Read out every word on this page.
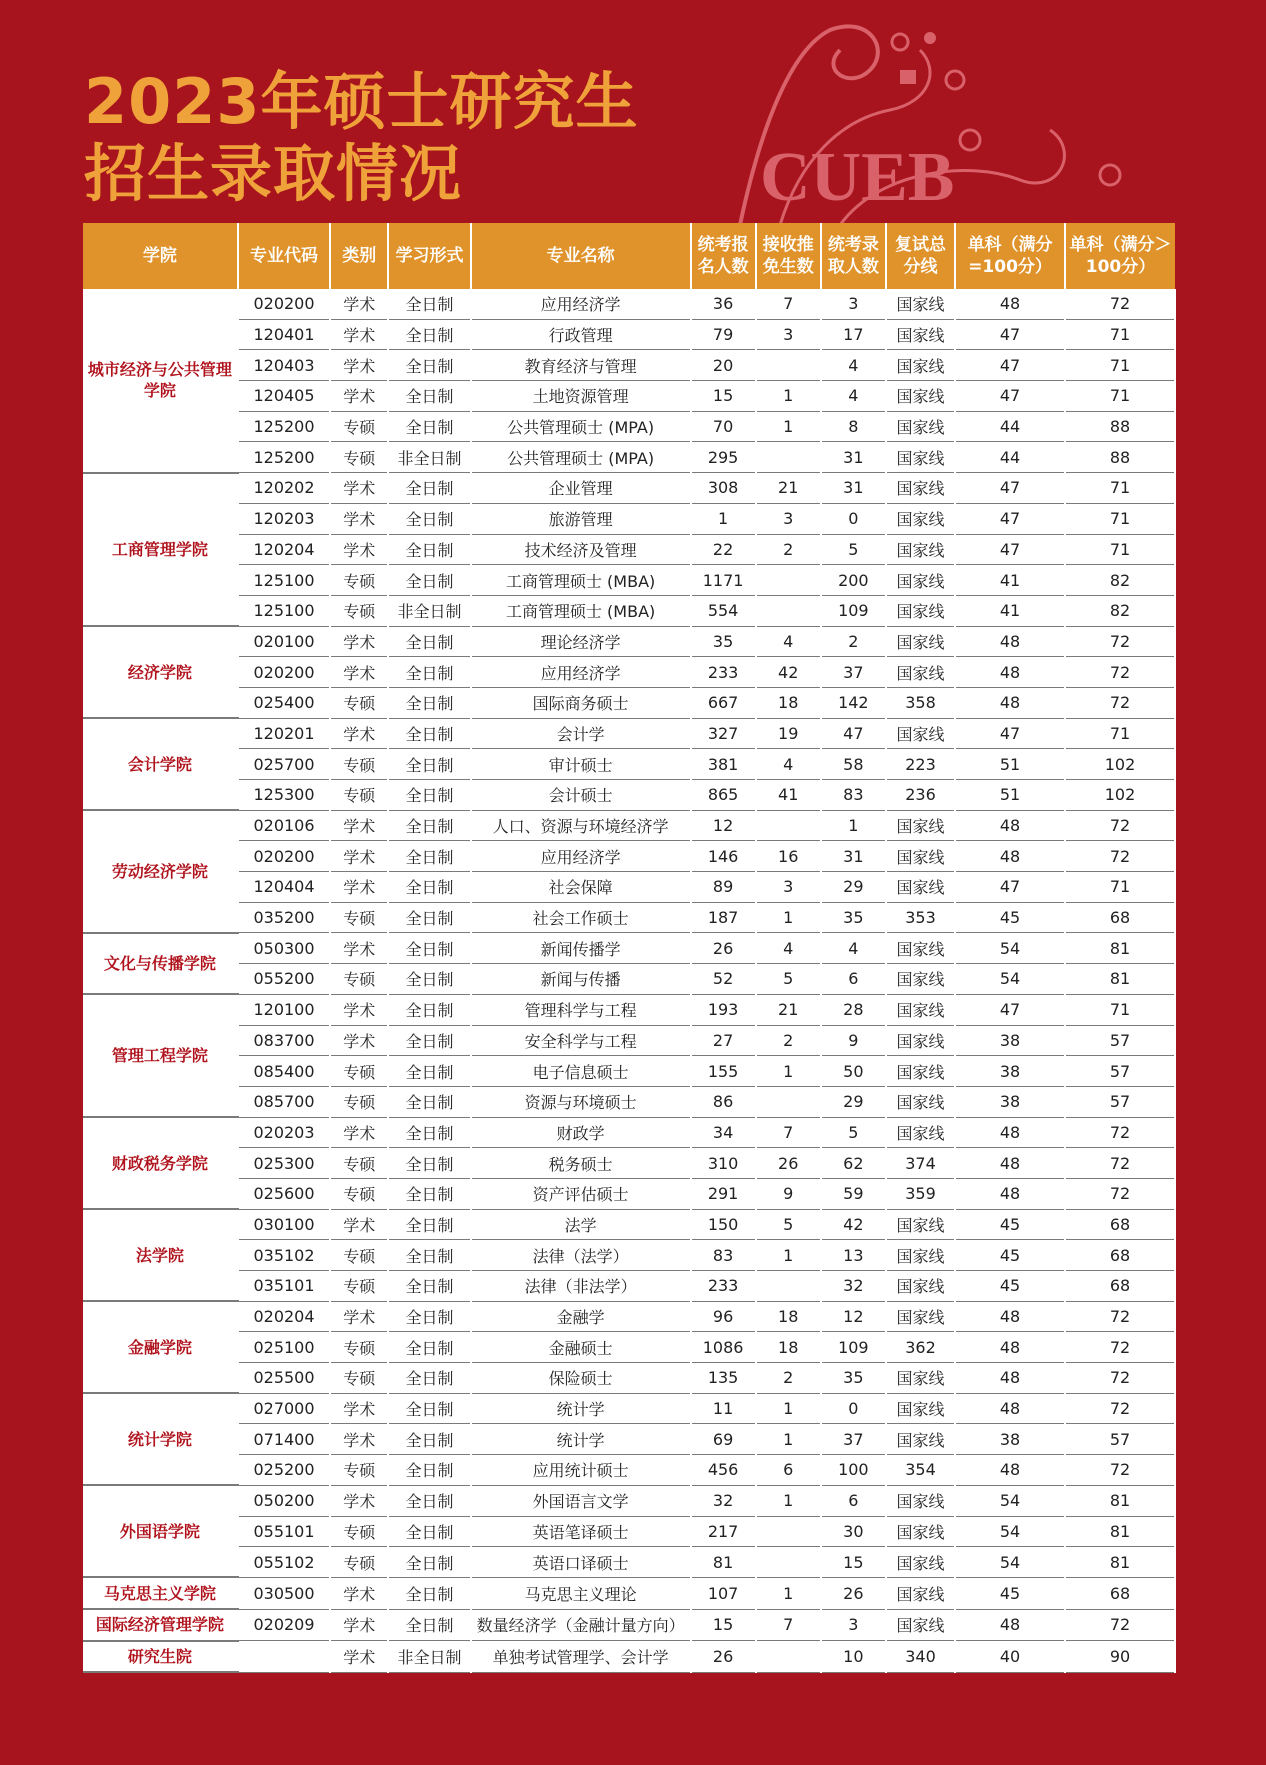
2023年硕士研究生
招生录取情况	CUEB
学院	专业代码	类别	学习形式	专业名称	统考报名人数	接收推免生数	统考录取人数	复试总分线	单科（满分=100分）	单科（满分＞100分）
城市经济与公共管理学院	020200	学术	全日制	应用经济学	36	7	3	国家线	48	72
	120401	学术	全日制	行政管理	79	3	17	国家线	47	71
	120403	学术	全日制	教育经济与管理	20		4	国家线	47	71
	120405	学术	全日制	土地资源管理	15	1	4	国家线	47	71
	125200	专硕	全日制	公共管理硕士 (MPA)	70	1	8	国家线	44	88
	125200	专硕	非全日制	公共管理硕士 (MPA)	295		31	国家线	44	88
工商管理学院	120202	学术	全日制	企业管理	308	21	31	国家线	47	71
	120203	学术	全日制	旅游管理	1	3	0	国家线	47	71
	120204	学术	全日制	技术经济及管理	22	2	5	国家线	47	71
	125100	专硕	全日制	工商管理硕士 (MBA)	1171		200	国家线	41	82
	125100	专硕	非全日制	工商管理硕士 (MBA)	554		109	国家线	41	82
经济学院	020100	学术	全日制	理论经济学	35	4	2	国家线	48	72
	020200	学术	全日制	应用经济学	233	42	37	国家线	48	72
	025400	专硕	全日制	国际商务硕士	667	18	142	358	48	72
会计学院	120201	学术	全日制	会计学	327	19	47	国家线	47	71
	025700	专硕	全日制	审计硕士	381	4	58	223	51	102
	125300	专硕	全日制	会计硕士	865	41	83	236	51	102
劳动经济学院	020106	学术	全日制	人口、资源与环境经济学	12		1	国家线	48	72
	020200	学术	全日制	应用经济学	146	16	31	国家线	48	72
	120404	学术	全日制	社会保障	89	3	29	国家线	47	71
	035200	专硕	全日制	社会工作硕士	187	1	35	353	45	68
文化与传播学院	050300	学术	全日制	新闻传播学	26	4	4	国家线	54	81
	055200	专硕	全日制	新闻与传播	52	5	6	国家线	54	81
管理工程学院	120100	学术	全日制	管理科学与工程	193	21	28	国家线	47	71
	083700	学术	全日制	安全科学与工程	27	2	9	国家线	38	57
	085400	专硕	全日制	电子信息硕士	155	1	50	国家线	38	57
	085700	专硕	全日制	资源与环境硕士	86		29	国家线	38	57
财政税务学院	020203	学术	全日制	财政学	34	7	5	国家线	48	72
	025300	专硕	全日制	税务硕士	310	26	62	374	48	72
	025600	专硕	全日制	资产评估硕士	291	9	59	359	48	72
法学院	030100	学术	全日制	法学	150	5	42	国家线	45	68
	035102	专硕	全日制	法律（法学）	83	1	13	国家线	45	68
	035101	专硕	全日制	法律（非法学）	233		32	国家线	45	68
金融学院	020204	学术	全日制	金融学	96	18	12	国家线	48	72
	025100	专硕	全日制	金融硕士	1086	18	109	362	48	72
	025500	专硕	全日制	保险硕士	135	2	35	国家线	48	72
统计学院	027000	学术	全日制	统计学	11	1	0	国家线	48	72
	071400	学术	全日制	统计学	69	1	37	国家线	38	57
	025200	专硕	全日制	应用统计硕士	456	6	100	354	48	72
外国语学院	050200	学术	全日制	外国语言文学	32	1	6	国家线	54	81
	055101	专硕	全日制	英语笔译硕士	217		30	国家线	54	81
	055102	专硕	全日制	英语口译硕士	81		15	国家线	54	81
马克思主义学院	030500	学术	全日制	马克思主义理论	107	1	26	国家线	45	68
国际经济管理学院	020209	学术	全日制	数量经济学（金融计量方向）	15	7	3	国家线	48	72
研究生院		学术	非全日制	单独考试管理学、会计学	26		10	340	40	90
